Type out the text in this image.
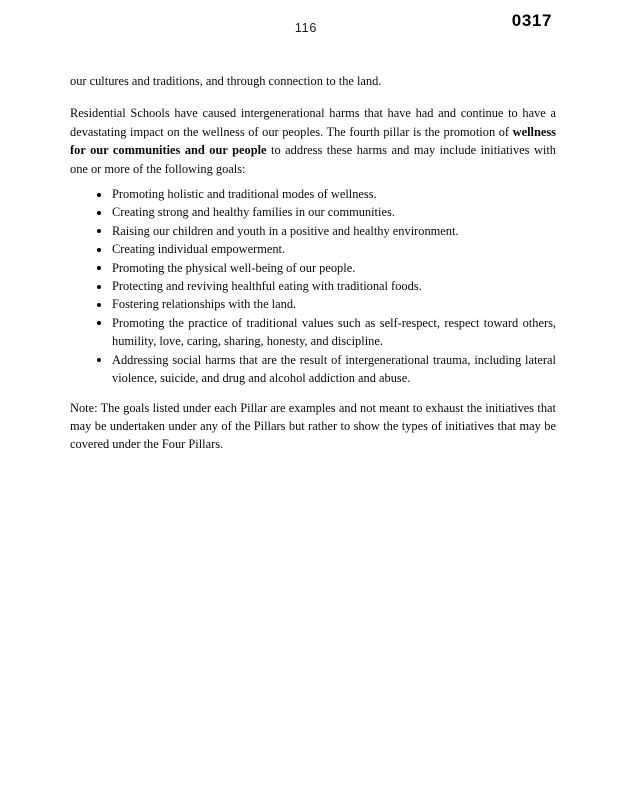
116	0317

our cultures and traditions, and through connection to the land.

Residential Schools have caused intergenerational harms that have had and continue to have a devastating impact on the wellness of our peoples. The fourth pillar is the promotion of wellness for our communities and our people to address these harms and may include initiatives with one or more of the following goals:

Promoting holistic and traditional modes of wellness.
Creating strong and healthy families in our communities.
Raising our children and youth in a positive and healthy environment.
Creating individual empowerment.
Promoting the physical well-being of our people.
Protecting and reviving healthful eating with traditional foods.
Fostering relationships with the land.
Promoting the practice of traditional values such as self-respect, respect toward others, humility, love, caring, sharing, honesty, and discipline.
Addressing social harms that are the result of intergenerational trauma, including lateral violence, suicide, and drug and alcohol addiction and abuse.

Note: The goals listed under each Pillar are examples and not meant to exhaust the initiatives that may be undertaken under any of the Pillars but rather to show the types of initiatives that may be covered under the Four Pillars.
